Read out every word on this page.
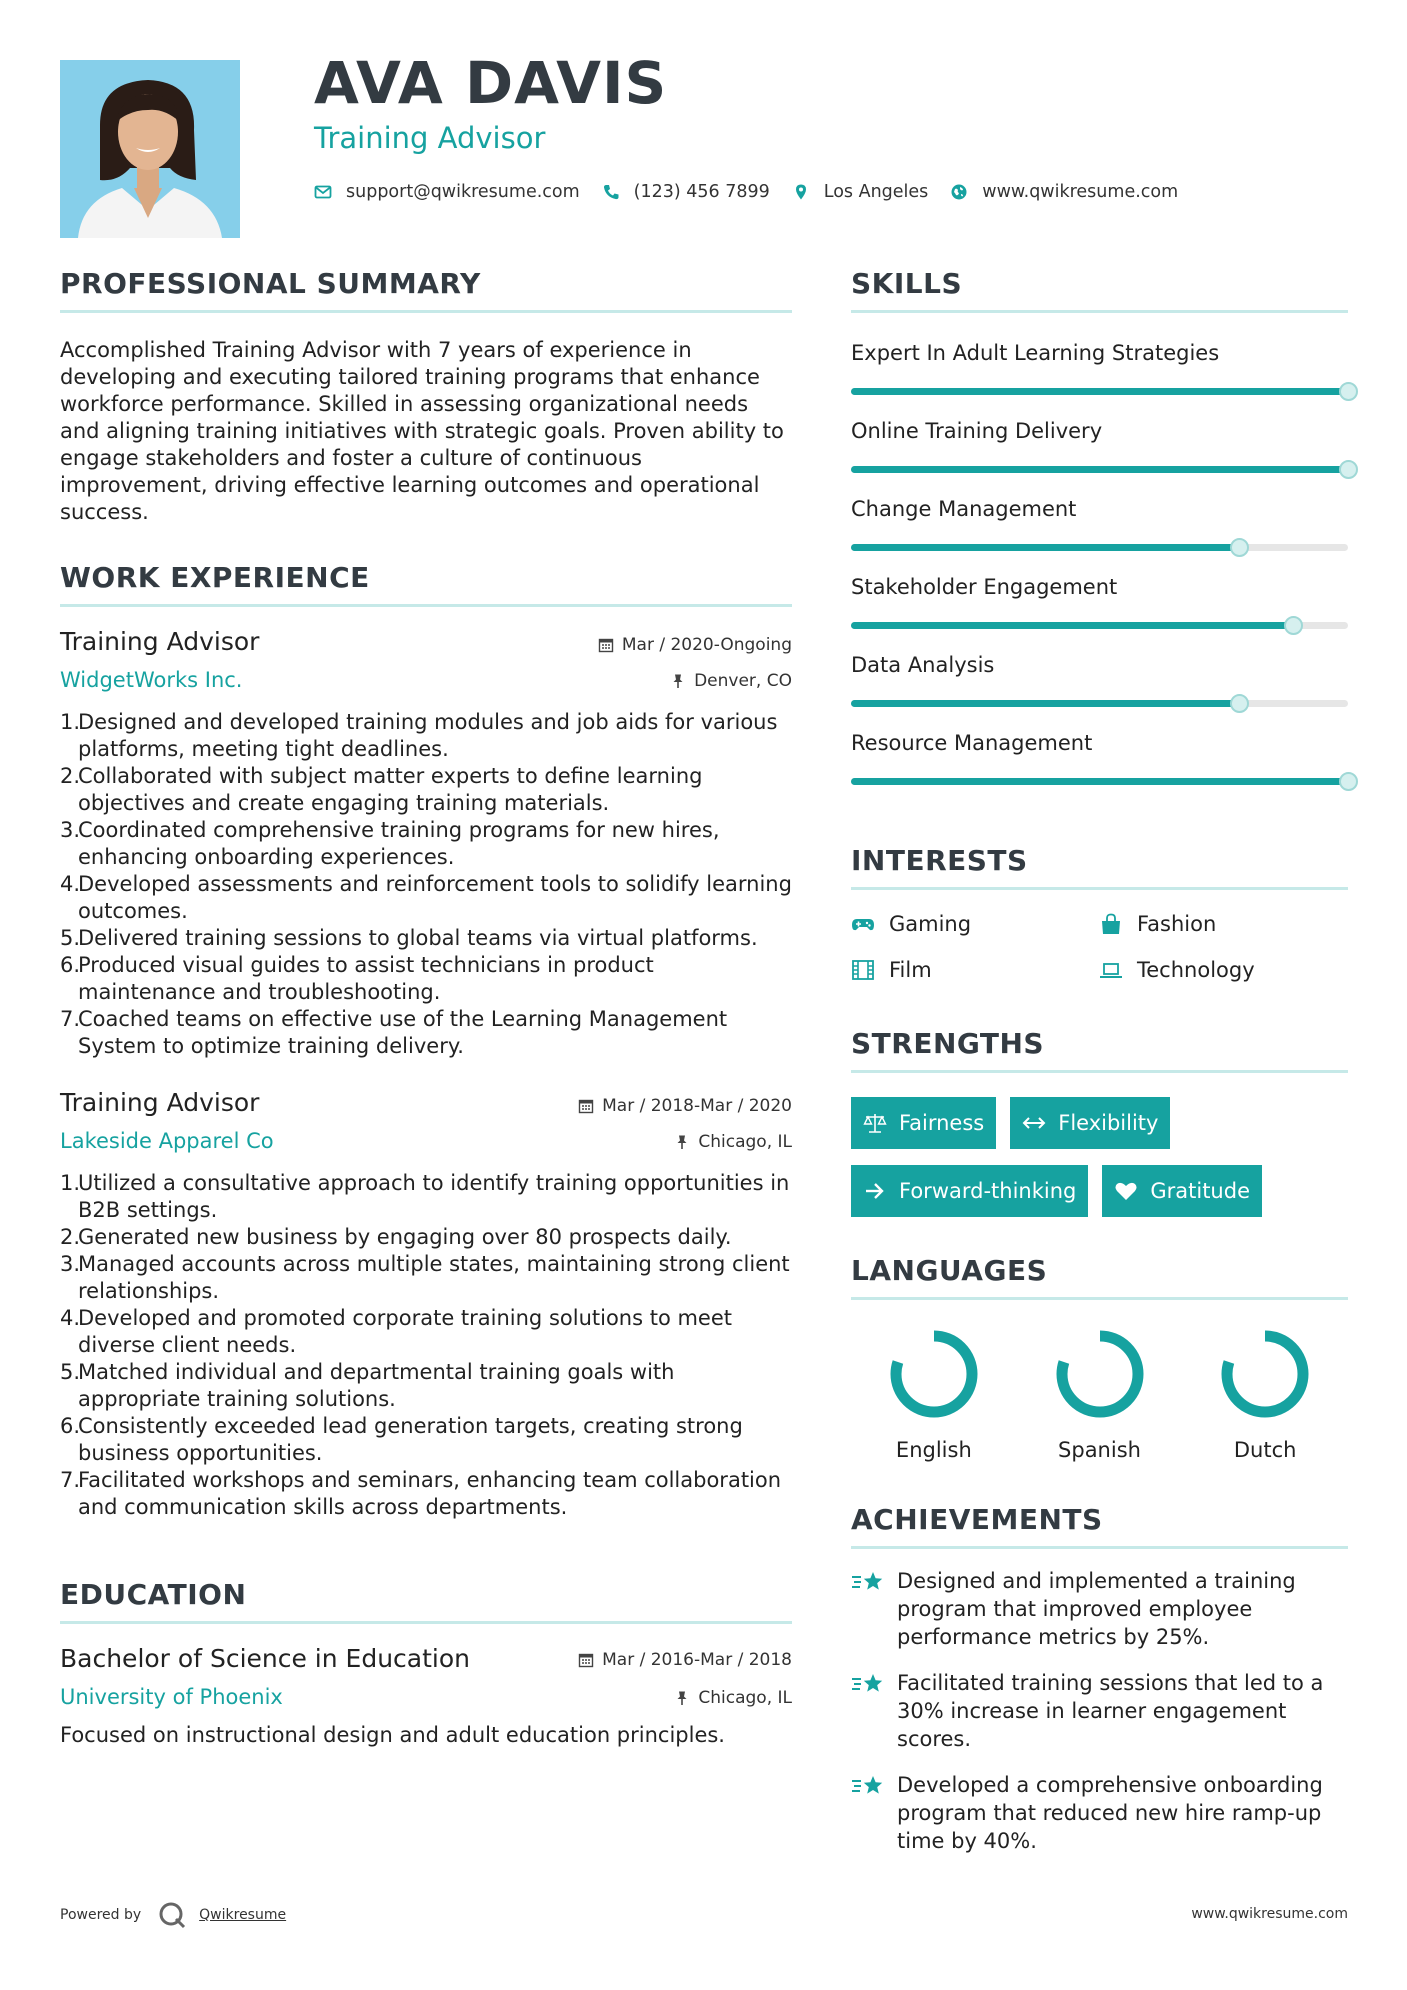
AVA DAVIS
Training Advisor
support@qwikresume.com	(123) 456 7899	Los Angeles	www.qwikresume.com
PROFESSIONAL SUMMARY

Accomplished Training Advisor with 7 years of experience in developing and executing tailored training programs that enhance workforce performance. Skilled in assessing organizational needs and aligning training initiatives with strategic goals. Proven ability to engage stakeholders and foster a culture of continuous improvement, driving effective learning outcomes and operational success.

WORK EXPERIENCE
Mar / 2020-Ongoing
Denver, CO

Training Advisor

WidgetWorks Inc.

Designed and developed training modules and job aids for various platforms, meeting tight deadlines.
Collaborated with subject matter experts to define learning objectives and create engaging training materials.
Coordinated comprehensive training programs for new hires, enhancing onboarding experiences.
Developed assessments and reinforcement tools to solidify learning outcomes.
Delivered training sessions to global teams via virtual platforms.
Produced visual guides to assist technicians in product maintenance and troubleshooting.
Coached teams on effective use of the Learning Management System to optimize training delivery.
Mar / 2018-Mar / 2020
Chicago, IL

Training Advisor

Lakeside Apparel Co

Utilized a consultative approach to identify training opportunities in B2B settings.
Generated new business by engaging over 80 prospects daily.
Managed accounts across multiple states, maintaining strong client relationships.
Developed and promoted corporate training solutions to meet diverse client needs.
Matched individual and departmental training goals with appropriate training solutions.
Consistently exceeded lead generation targets, creating strong business opportunities.
Facilitated workshops and seminars, enhancing team collaboration and communication skills across departments.
EDUCATION
Mar / 2016-Mar / 2018
Chicago, IL

Bachelor of Science in Education

University of Phoenix

Focused on instructional design and adult education principles.

SKILLS
Expert In Adult Learning Strategies
Online Training Delivery
Change Management
Stakeholder Engagement
Data Analysis
Resource Management
INTERESTS
Gaming	Fashion
Film	Technology
STRENGTHS
Fairness	Flexibility
Forward-thinking	Gratitude
LANGUAGES
English	Spanish	Dutch
ACHIEVEMENTS
Designed and implemented a training program that improved employee performance metrics by 25%.
Facilitated training sessions that led to a 30% increase in learner engagement scores.
Developed a comprehensive onboarding program that reduced new hire ramp-up time by 40%.
Powered by	Qwikresume	www.qwikresume.com
